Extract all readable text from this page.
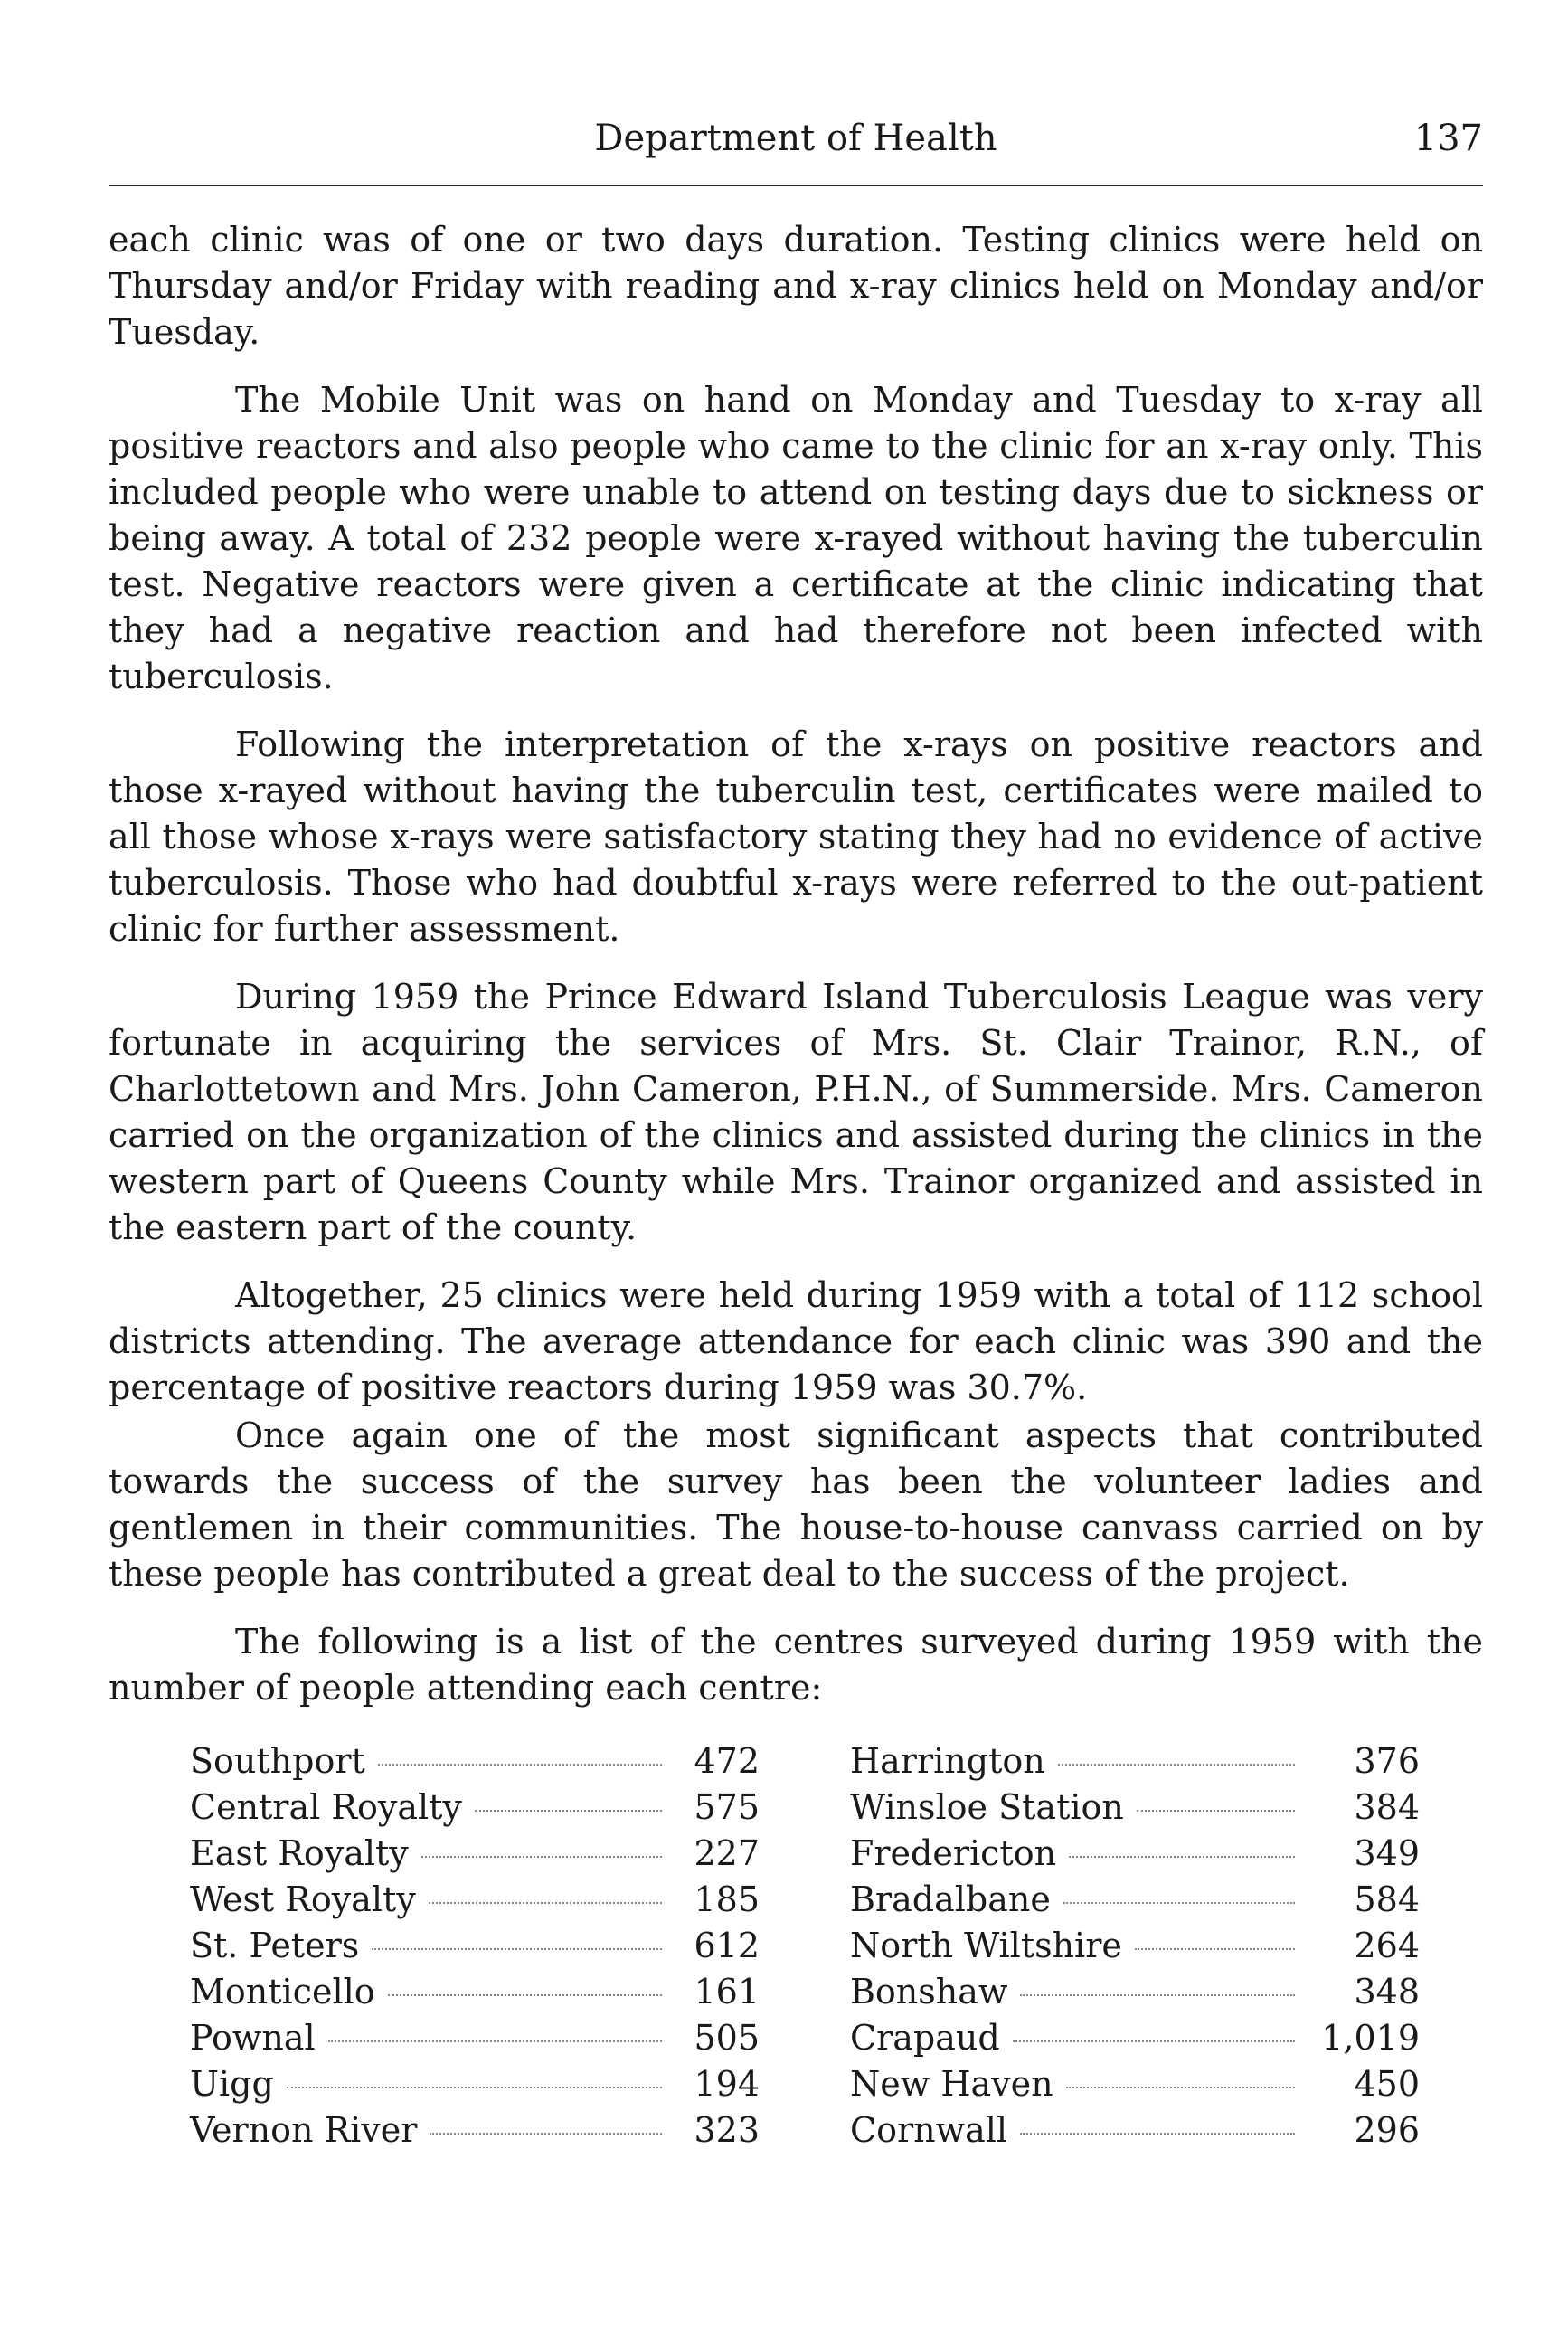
Department of Health	137

each clinic was of one or two days duration. Testing clinics were held on Thursday and/or Friday with reading and x-ray clinics held on Monday and/or Tuesday.

The Mobile Unit was on hand on Monday and Tuesday to x-ray all positive reactors and also people who came to the clinic for an x-ray only. This included people who were unable to attend on testing days due to sickness or being away. A total of 232 people were x-rayed without having the tuberculin test. Negative reactors were given a certificate at the clinic indicating that they had a negative reaction and had therefore not been infected with tuberculosis.

Following the interpretation of the x-rays on positive reactors and those x-rayed without having the tuberculin test, certificates were mailed to all those whose x-rays were satisfactory stating they had no evidence of active tuberculosis. Those who had doubtful x-rays were referred to the out-patient clinic for further assessment.

During 1959 the Prince Edward Island Tuberculosis League was very fortunate in acquiring the services of Mrs. St. Clair Trainor, R.N., of Charlottetown and Mrs. John Cameron, P.H.N., of Summerside. Mrs. Cameron carried on the organization of the clinics and assisted during the clinics in the western part of Queens County while Mrs. Trainor organized and assisted in the eastern part of the county.

Altogether, 25 clinics were held during 1959 with a total of 112 school districts attending. The average attendance for each clinic was 390 and the percentage of positive reactors during 1959 was 30.7%.

Once again one of the most significant aspects that contributed towards the success of the survey has been the volunteer ladies and gentlemen in their communities. The house-to-house canvass carried on by these people has contributed a great deal to the success of the project.

The following is a list of the centres surveyed during 1959 with the number of people attending each centre:

Southport	472
Central Royalty	575
East Royalty	227
West Royalty	185
St. Peters	612
Monticello	161
Pownal	505
Uigg	194
Vernon River	323
Harrington	376
Winsloe Station	384
Fredericton	349
Bradalbane	584
North Wiltshire	264
Bonshaw	348
Crapaud	1,019
New Haven	450
Cornwall	296
